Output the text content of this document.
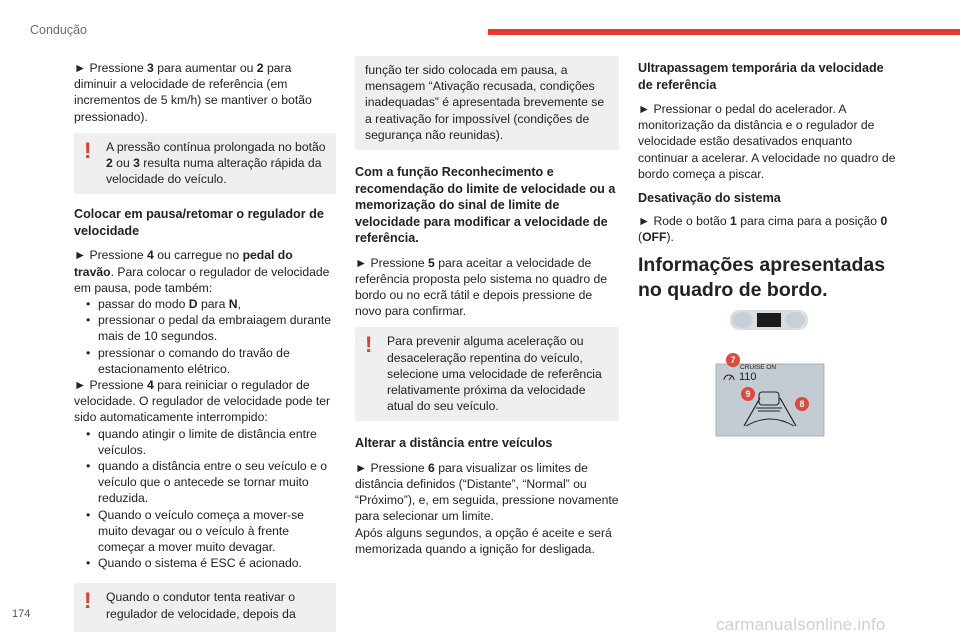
Condução

► Pressione 3 para aumentar ou 2 para diminuir a velocidade de referência (em incrementos de 5 km/h) se mantiver o botão pressionado).

! A pressão contínua prolongada no botão 2 ou 3 resulta numa alteração rápida da velocidade do veículo.
Colocar em pausa/retomar o regulador de velocidade

► Pressione 4 ou carregue no pedal do travão. Para colocar o regulador de velocidade em pausa, pode também:

• passar do modo D para N,
• pressionar o pedal da embraiagem durante mais de 10 segundos.
• pressionar o comando do travão de estacionamento elétrico.

► Pressione 4 para reiniciar o regulador de velocidade. O regulador de velocidade pode ter sido automaticamente interrompido:

• quando atingir o limite de distância entre veículos.
• quando a distância entre o seu veículo e o veículo que o antecede se tornar muito reduzida.
• Quando o veículo começa a mover-se muito devagar ou o veículo à frente começar a mover muito devagar.
• Quando o sistema é ESC é acionado.
! Quando o condutor tenta reativar o regulador de velocidade, depois da
função ter sido colocada em pausa, a mensagem “Ativação recusada, condições inadequadas” é apresentada brevemente se a reativação for impossível (condições de segurança não reunidas).
Com a função Reconhecimento e recomendação do limite de velocidade ou a memorização do sinal de limite de velocidade para modificar a velocidade de referência.

► Pressione 5 para aceitar a velocidade de referência proposta pelo sistema no quadro de bordo ou no ecrã tátil e depois pressione de novo para confirmar.

! Para prevenir alguma aceleração ou desaceleração repentina do veículo, selecione uma velocidade de referência relativamente próxima da velocidade atual do seu veículo.
Alterar a distância entre veículos

► Pressione 6 para visualizar os limites de distância definidos (“Distante”, “Normal” ou “Próximo”), e, em seguida, pressione novamente para selecionar um limite.

Após alguns segundos, a opção é aceite e será memorizada quando a ignição for desligada.

Ultrapassagem temporária da velocidade de referência

► Pressionar o pedal do acelerador. A monitorização da distância e o regulador de velocidade estão desativados enquanto continuar a acelerar. A velocidade no quadro de bordo começa a piscar.

Desativação do sistema

► Rode o botão 1 para cima para a posição 0 (OFF).

Informações apresentadas no quadro de bordo.
CRUISE ON
110
7
9
8
174
carmanualsonline.info
